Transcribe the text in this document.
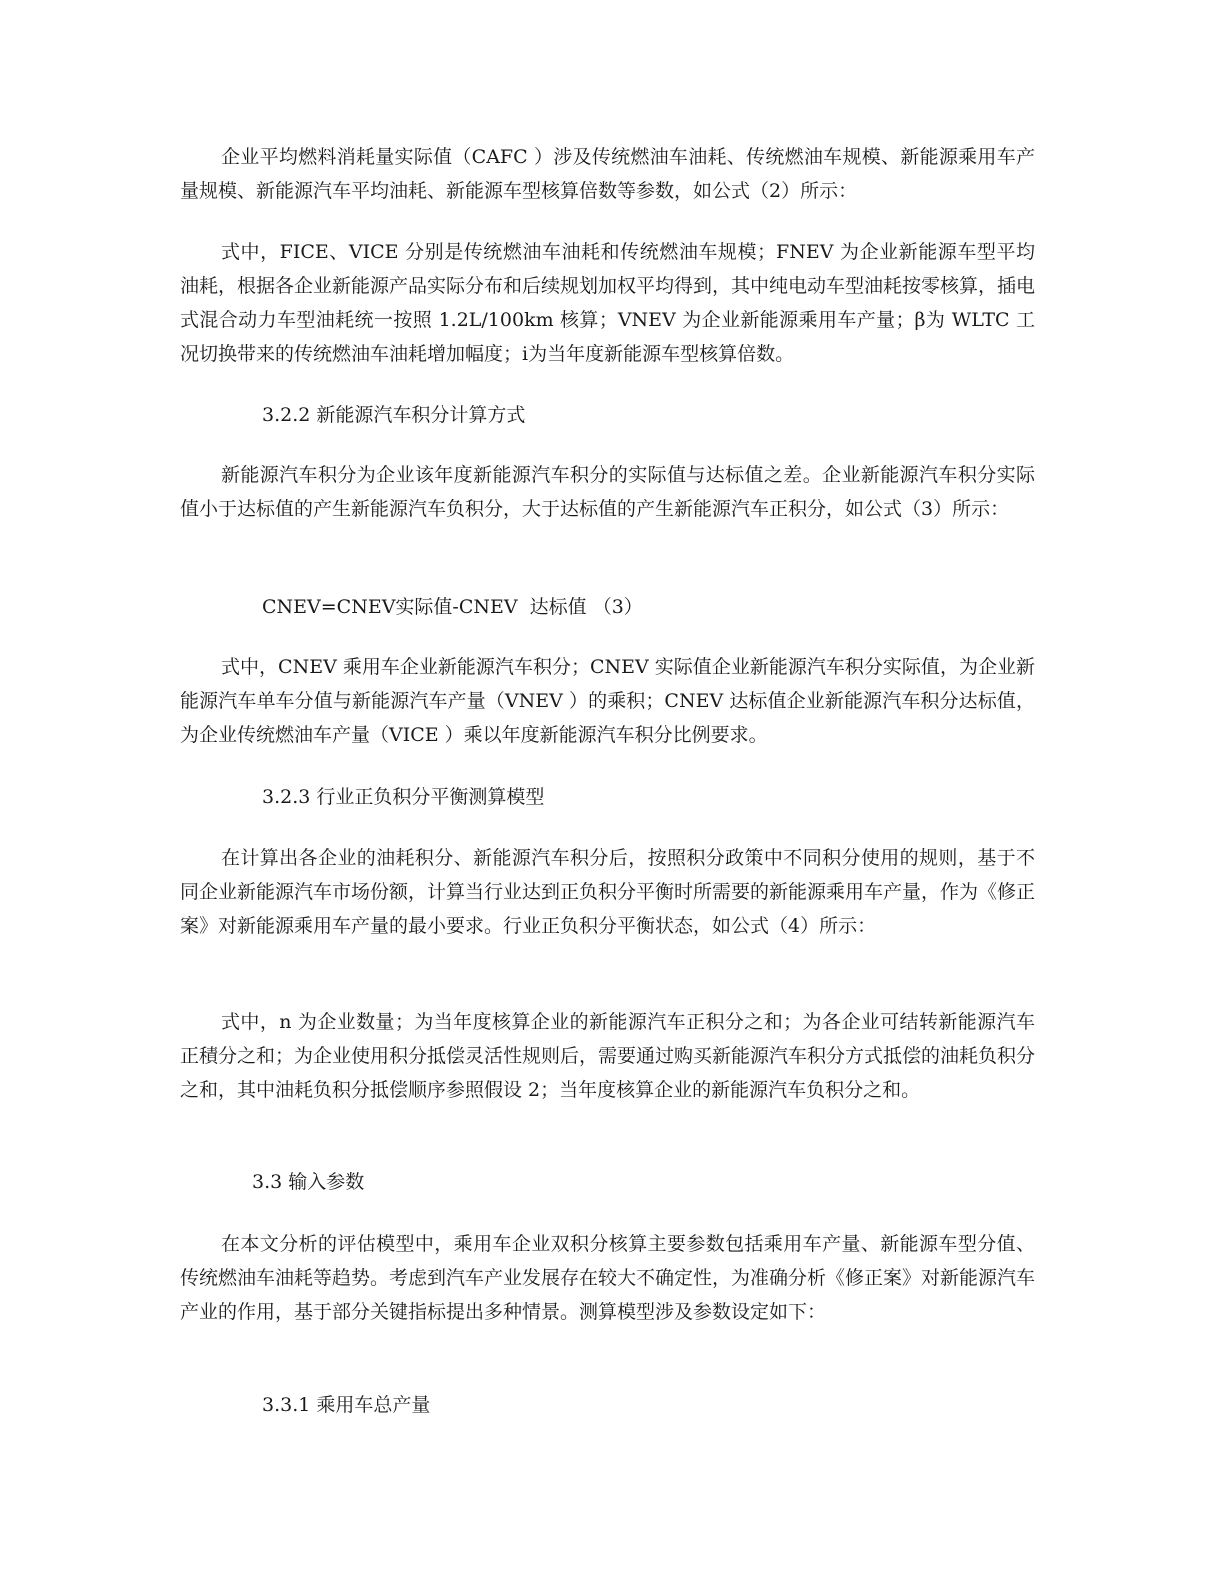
企业平均燃料消耗量实际值（CAFC ）涉及传统燃油车油耗、传统燃油车规模、新能源乘用车产量规模、新能源汽车平均油耗、新能源车型核算倍数等参数，如公式（2）所示：

式中，FICE、VICE 分别是传统燃油车油耗和传统燃油车规模；FNEV 为企业新能源车型平均油耗，根据各企业新能源产品实际分布和后续规划加权平均得到，其中纯电动车型油耗按零核算，插电式混合动力车型油耗统一按照 1.2L/100km 核算；VNEV 为企业新能源乘用车产量；β为 WLTC 工况切换带来的传统燃油车油耗增加幅度；i为当年度新能源车型核算倍数。

3.2.2 新能源汽车积分计算方式

新能源汽车积分为企业该年度新能源汽车积分的实际值与达标值之差。企业新能源汽车积分实际值小于达标值的产生新能源汽车负积分，大于达标值的产生新能源汽车正积分，如公式（3）所示：

CNEV=CNEV实际值-CNEV  达标值 （3）

式中，CNEV 乘用车企业新能源汽车积分；CNEV 实际值企业新能源汽车积分实际值，为企业新能源汽车单车分值与新能源汽车产量（VNEV ）的乘积；CNEV 达标值企业新能源汽车积分达标值，为企业传统燃油车产量（VICE ）乘以年度新能源汽车积分比例要求。

3.2.3 行业正负积分平衡测算模型

在计算出各企业的油耗积分、新能源汽车积分后，按照积分政策中不同积分使用的规则，基于不同企业新能源汽车市场份额，计算当行业达到正负积分平衡时所需要的新能源乘用车产量，作为《修正案》对新能源乘用车产量的最小要求。行业正负积分平衡状态，如公式（4）所示：

式中，n 为企业数量；为当年度核算企业的新能源汽车正积分之和；为各企业可结转新能源汽车正積分之和；为企业使用积分抵偿灵活性规则后，需要通过购买新能源汽车积分方式抵偿的油耗负积分之和，其中油耗负积分抵偿顺序参照假设 2；当年度核算企业的新能源汽车负积分之和。

3.3 输入参数

在本文分析的评估模型中，乘用车企业双积分核算主要参数包括乘用车产量、新能源车型分值、传统燃油车油耗等趋势。考虑到汽车产业发展存在较大不确定性，为准确分析《修正案》对新能源汽车产业的作用，基于部分关键指标提出多种情景。测算模型涉及参数设定如下：

3.3.1 乘用车总产量
